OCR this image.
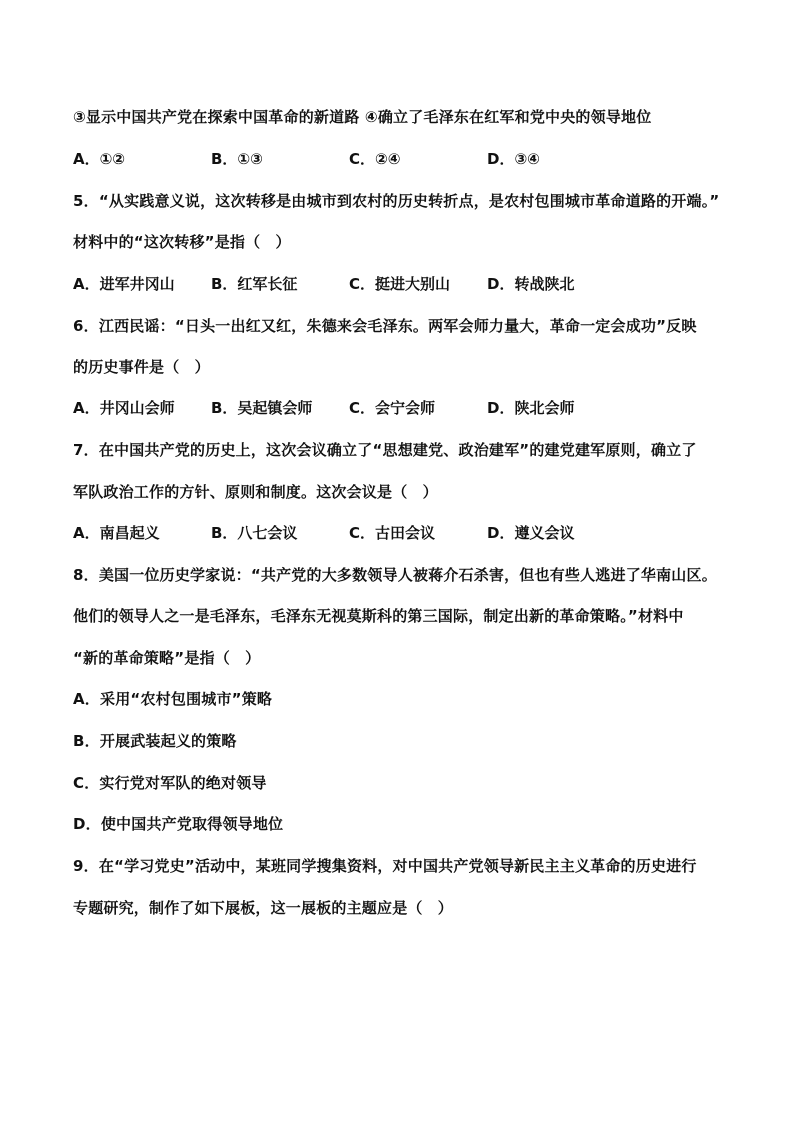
③显示中国共产党在探索中国革命的新道路 ④确立了毛泽东在红军和党中央的领导地位
A．①②	B．①③	C．②④	D．③④
5．“从实践意义说，这次转移是由城市到农村的历史转折点，是农村包围城市革命道路的开端。”
材料中的“这次转移”是指（　）
A．进军井冈山 B．红军长征	C．挺进大别山 D．转战陕北
6．江西民谣：“日头一出红又红，朱德来会毛泽东。两军会师力量大，革命一定会成功”反映
的历史事件是（　）
A．井冈山会师 B．吴起镇会师 C．会宁会师	D．陕北会师
7．在中国共产党的历史上，这次会议确立了“思想建党、政治建军”的建党建军原则，确立了
军队政治工作的方针、原则和制度。这次会议是（　）
A．南昌起义	B．八七会议	C．古田会议	D．遵义会议
8．美国一位历史学家说：“共产党的大多数领导人被蒋介石杀害，但也有些人逃进了华南山区。
他们的领导人之一是毛泽东，毛泽东无视莫斯科的第三国际，制定出新的革命策略。”材料中
“新的革命策略”是指（　）
A．采用“农村包围城市”策略
B．开展武装起义的策略
C．实行党对军队的绝对领导
D．使中国共产党取得领导地位
9．在“学习党史”活动中，某班同学搜集资料，对中国共产党领导新民主主义革命的历史进行
专题研究，制作了如下展板，这一展板的主题应是（　）
